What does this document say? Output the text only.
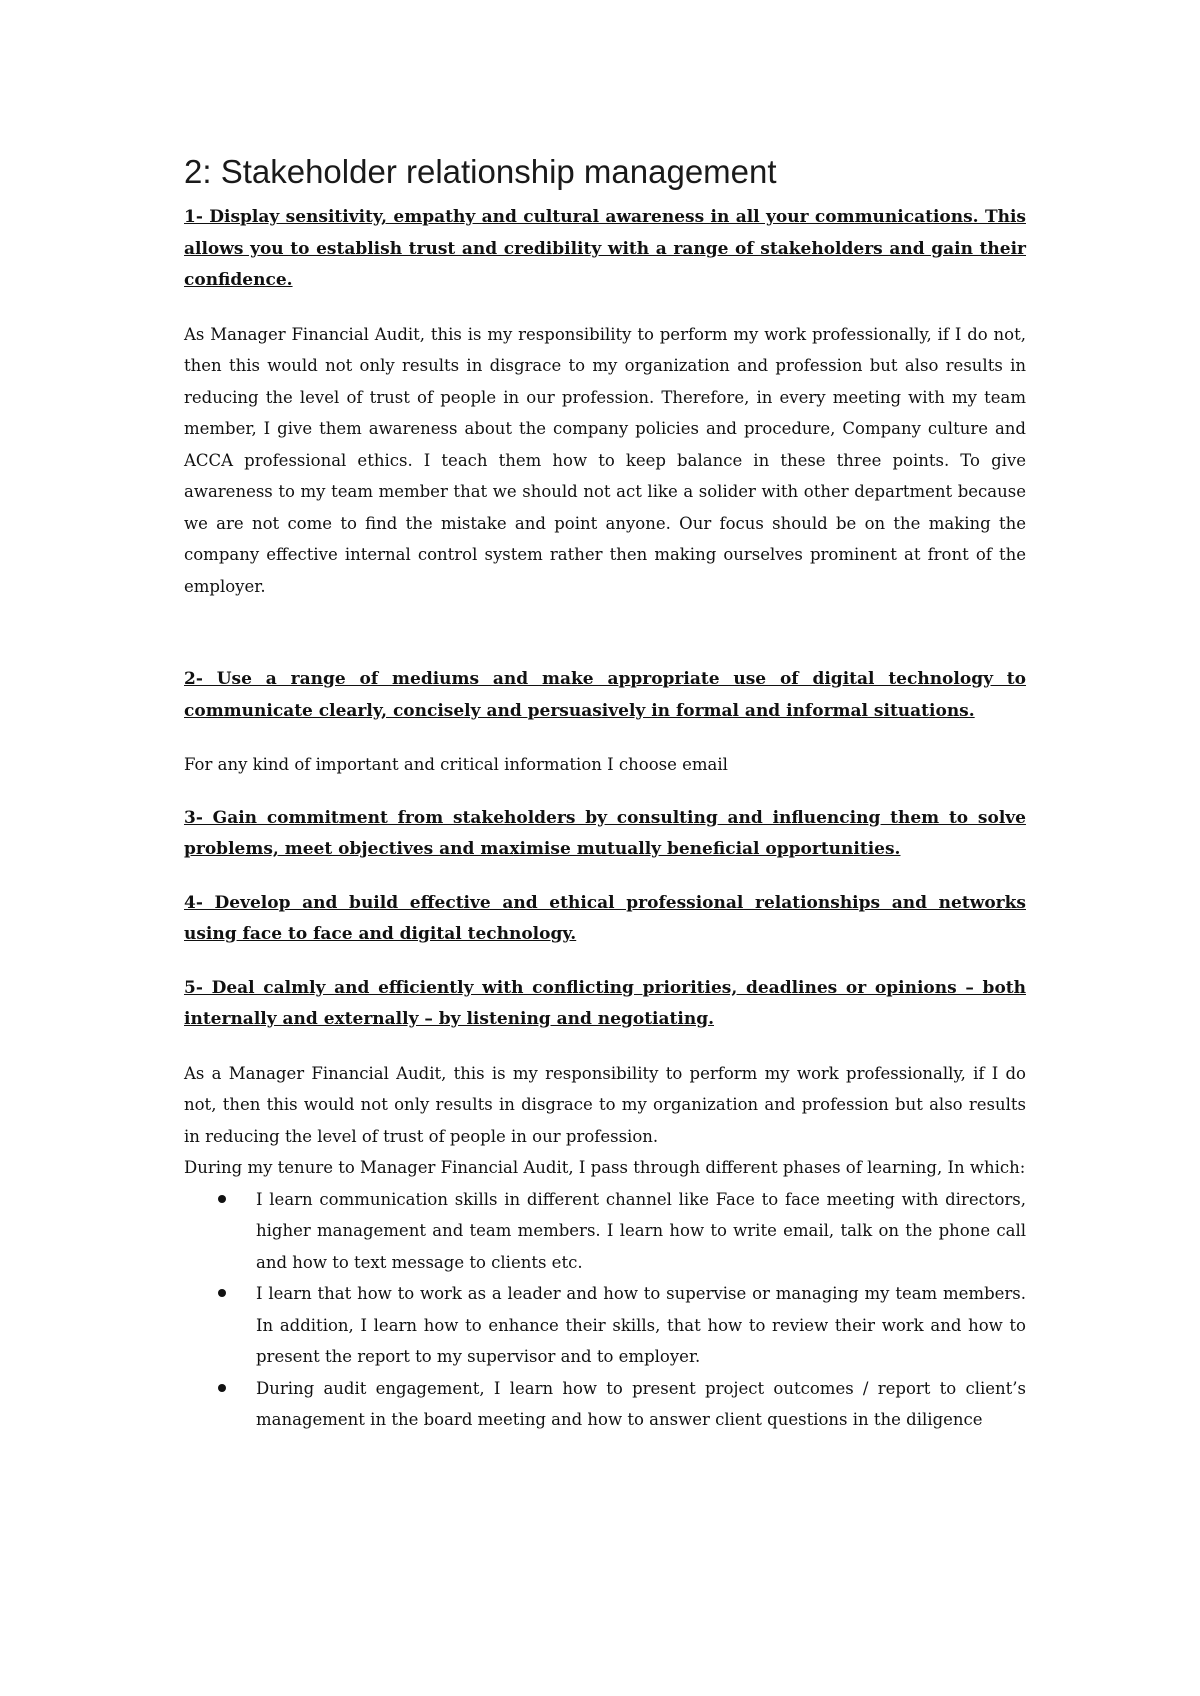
2: Stakeholder relationship management

1- Display sensitivity, empathy and cultural awareness in all your communications. This allows you to establish trust and credibility with a range of stakeholders and gain their confidence.

As Manager Financial Audit, this is my responsibility to perform my work professionally, if I do not, then this would not only results in disgrace to my organization and profession but also results in reducing the level of trust of people in our profession. Therefore, in every meeting with my team member, I give them awareness about the company policies and procedure, Company culture and ACCA professional ethics. I teach them how to keep balance in these three points. To give awareness to my team member that we should not act like a solider with other department because we are not come to find the mistake and point anyone. Our focus should be on the making the company effective internal control system rather then making ourselves prominent at front of the employer.

2- Use a range of mediums and make appropriate use of digital technology to communicate clearly, concisely and persuasively in formal and informal situations.

For any kind of important and critical information I choose email

3- Gain commitment from stakeholders by consulting and influencing them to solve problems, meet objectives and maximise mutually beneficial opportunities.

4- Develop and build effective and ethical professional relationships and networks using face to face and digital technology.

5- Deal calmly and efficiently with conflicting priorities, deadlines or opinions – both internally and externally – by listening and negotiating.

As a Manager Financial Audit, this is my responsibility to perform my work professionally, if I do not, then this would not only results in disgrace to my organization and profession but also results in reducing the level of trust of people in our profession.

During my tenure to Manager Financial Audit, I pass through different phases of learning, In which:

I learn communication skills in different channel like Face to face meeting with directors, higher management and team members. I learn how to write email, talk on the phone call and how to text message to clients etc.
I learn that how to work as a leader and how to supervise or managing my team members. In addition, I learn how to enhance their skills, that how to review their work and how to present the report to my supervisor and to employer.
During audit engagement, I learn how to present project outcomes / report to client’s management in the board meeting and how to answer client questions in the diligence
